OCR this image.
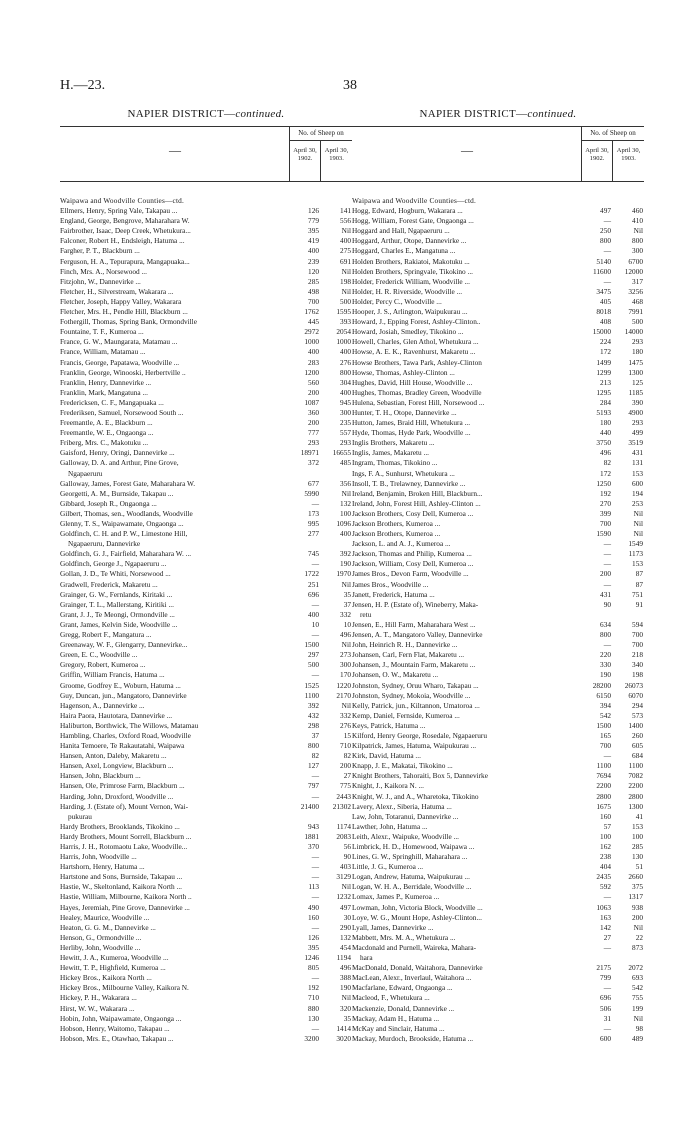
H.—23.	38
NAPIER DISTRICT—continued.
—
No. of Sheep on
April 30,
1902.
April 30,
1903.
Waipawa and Woodville Counties—ctd.
Ellmers, Henry, Spring Vale, Takapau ...	126	141
England, George, Bengrove, Maharahara W.	779	556
Fairbrother, Isaac, Deep Creek, Whetukura...	395	Nil
Falconer, Robert H., Endsleigh, Hatuma ...	419	400
Fargher, P. T., Blackburn ...	400	275
Ferguson, H. A., Tepurapura, Mangapuaka...	239	691
Finch, Mrs. A., Norsewood ...	120	Nil
Fitzjohn, W., Dannevirke ...	285	198
Fletcher, H., Silverstream, Wakarara ...	498	Nil
Fletcher, Joseph, Happy Valley, Wakarara	700	500
Fletcher, Mrs. H., Pendle Hill, Blackburn ...	1762	1595
Fothergill, Thomas, Spring Bank, Ormondville	445	393
Fountaine, T. F., Kumeroa ...	2972	2054
France, G. W., Maungarata, Matamau ...	1000	1000
France, William, Matamau ...	400	400
Francis, George, Papatawa, Woodville ...	283	276
Franklin, George, Winooski, Herbertville ..	1200	800
Franklin, Henry, Dannevirke ...	560	304
Franklin, Mark, Mangatuna ...	200	400
Fredericksen, C. F., Mangapuaka ...	1087	945
Frederiksen, Samuel, Norsewood South ...	360	300
Freemantle, A. E., Blackburn ...	200	235
Freemantle, W. E., Ongaonga ...	777	557
Friberg, Mrs. C., Makotuku ...	293	293
Gaisford, Henry, Oringi, Dannevirke ...	18971	16655
Galloway, D. A. and Arthur, Pine Grove,	372	485
Ngapaeruru
Galloway, James, Forest Gate, Maharahara W.	677	356
Georgetti, A. M., Burnside, Takapau ...	5990	Nil
Gibbard, Joseph R., Ongaonga ...	—	132
Gilbert, Thomas, sen., Woodlands, Woodville	173	100
Glenny, T. S., Waipawamate, Ongaonga ...	995	1096
Goldfinch, C. H. and P. W., Limestone Hill,	277	400
Ngapaeruru, Dannevirke
Goldfinch, G. J., Fairfield, Maharahara W. ...	745	392
Goldfinch, George J., Ngapaeruru ...	—	190
Gollan, J. D., Te Whiti, Norsewood ...	1722	1970
Gradwell, Frederick, Makaretu ...	251	Nil
Grainger, G. W., Fernlands, Kiritaki ...	696	35
Grainger, T. L., Mallerstang, Kiritiki ...	—	37
Grant, J. J., Te Meongi, Ormondville ...	400	332
Grant, James, Kelvin Side, Woodville ...	10	10
Gregg, Robert F., Mangatura ...	—	496
Greenaway, W. F., Glengarry, Dannevirke...	1500	Nil
Green, E. C., Woodville ...	297	273
Gregory, Robert, Kumeroa ...	500	300
Griffin, William Francis, Hatuma ...	—	170
Groome, Godfrey E., Woburn, Hatuma ...	1525	1220
Guy, Duncan, jun., Mangatoro, Dannevirke	1100	2170
Hagenson, A., Dannevirke ...	392	Nil
Haira Paora, Hautotara, Dannevirke ...	432	332
Haliburton, Borthwick, The Willows, Matamau	298	276
Hambling, Charles, Oxford Road, Woodville	37	15
Hanita Temoere, Te Rakautatahi, Waipawa	800	710
Hansen, Anton, Daleby, Makaretu ...	82	82
Hansen, Axel, Longview, Blackburn ...	127	200
Hansen, John, Blackburn ...	—	27
Hansen, Ole, Primrose Farm, Blackburn ...	797	775
Harding, John, Droxford, Woodville ...	—	2443
Harding, J. (Estate of), Mount Vernon, Wai-	21400	21302
pukurau
Hardy Brothers, Brooklands, Tikokino ...	943	1174
Hardy Brothers, Mount Sorrell, Blackburn ...	1881	2083
Harris, J. H., Rotomaotu Lake, Woodville...	370	56
Harris, John, Woodville ...	—	90
Hartshorn, Henry, Hatuma ...	—	403
Hartstone and Sons, Burnside, Takapau ...	—	3129
Hastie, W., Skeltonland, Kaikora North ...	113	Nil
Hastie, William, Milbourne, Kaikora North ..	—	1232
Hayes, Jeremiah, Pine Grove, Dannevirke ...	490	497
Healey, Maurice, Woodville ...	160	30
Heaton, G. G. M., Dannevirke ...	—	290
Henson, G., Ormondville ...	126	132
Herliby, John, Woodville ...	395	454
Hewitt, J. A., Kumeroa, Woodville ...	1246	1194
Hewitt, T. P., Highfield, Kumeroa ...	805	496
Hickey Bros., Kaikora North ...	—	388
Hickey Bros., Milbourne Valley, Kaikora N.	192	190
Hickey, P. H., Wakarara ...	710	Nil
Hirst, W. W., Wakarara ...	880	320
Hobin, John, Waipawamate, Ongaonga ...	130	35
Hobson, Henry, Waitomo, Takapau ...	—	1414
Hobson, Mrs. E., Otawhao, Takapau ...	3200	3020
NAPIER DISTRICT—continued.
—
No. of Sheep on
April 30,
1902.
April 30,
1903.
Waipawa and Woodville Counties—ctd.
Hogg, Edward, Hogburn, Wakarara ...	497	460
Hogg, William, Forest Gate, Ongaonga ...	—	410
Hoggard and Hall, Ngapaeruru ...	250	Nil
Hoggard, Arthur, Otope, Dannevirke ...	800	800
Hoggard, Charles E., Mangatuna ...	—	300
Holden Brothers, Rakiatoi, Makotuku ...	5140	6700
Holden Brothers, Springvale, Tikokino ...	11600	12000
Holder, Frederick William, Woodville ...	—	317
Holder, H. R. Riverside, Woodville ...	3475	3256
Holder, Percy C., Woodville ...	405	468
Hooper, J. S., Arlington, Waipukurau ...	8018	7991
Howard, J., Epping Forest, Ashley-Clinton..	408	500
Howard, Josiah, Smedley, Tikokino ...	15000	14000
Howell, Charles, Glen Athol, Whetukura ...	224	293
Howse, A. E. K., Ravenhurst, Makaretu ...	172	180
Howse Brothers, Tawa Park, Ashley-Clinton	1499	1475
Howse, Thomas, Ashley-Clinton ...	1299	1300
Hughes, David, Hill House, Woodville ...	213	125
Hughes, Thomas, Bradley Green, Woodville	1295	1185
Hulena, Sebastian, Forest Hill, Norsewood ...	284	390
Hunter, T. H., Otope, Dannevirke ...	5193	4900
Hutton, James, Braid Hill, Whetukura ...	180	293
Hyde, Thomas, Hyde Park, Woodville ...	440	499
Inglis Brothers, Makaretu ...	3750	3519
Inglis, James, Makaretu ...	496	431
Ingram, Thomas, Tikokino ...	82	131
Ings, F. A., Sunhurst, Whetukura ...	172	153
Insoll, T. B., Trelawney, Dannevirke ...	1250	600
Ireland, Benjamin, Broken Hill, Blackburn...	192	194
Ireland, John, Forest Hill, Ashley-Clinton ...	270	253
Jackson Brothers, Cosy Dell, Kumeroa ...	399	Nil
Jackson Brothers, Kumeroa ...	700	Nil
Jackson Brothers, Kumeroa ...	1590	Nil
Jackson, L. and A. J., Kumeroa ...	—	1549
Jackson, Thomas and Philip, Kumeroa ...	—	1173
Jackson, William, Cosy Dell, Kumeroa ...	—	153
James Bros., Devon Farm, Woodville ...	200	87
James Bros., Woodville ...	—	87
Janett, Frederick, Hatuma ...	431	751
Jensen, H. P. (Estate of), Wineberry, Maka-	90	91
retu
Jensen, E., Hill Farm, Maharahara West ...	634	594
Jensen, A. T., Mangatoro Valley, Dannevirke	800	700
John, Heinrich R. H., Dannevirke ...	—	700
Johansen, Carl, Fern Flat, Makaretu ...	220	218
Johansen, J., Mountain Farm, Makaretu ...	330	340
Johansen, O. W., Makaretu ...	190	198
Johnston, Sydney, Oruu Wharo, Takapau ...	28200	26073
Johnston, Sydney, Mokoia, Woodville ...	6150	6070
Kelly, Patrick, jun., Kiltannon, Umatoroa ...	394	294
Kemp, Daniel, Fernside, Kumeroa ...	542	573
Keys, Patrick, Hatuma ...	1500	1400
Kilford, Henry George, Rosedale, Ngapaeruru	165	260
Kilpatrick, James, Hatuma, Waipukurau ...	700	605
Kirk, David, Hatuma ...	—	684
Knapp, J. E., Makatai, Tikokino ...	1100	1100
Knight Brothers, Tahoraiti, Box 5, Dannevirke	7694	7082
Knight, J., Kaikora N. ...	2200	2200
Knight, W. J., and A., Wharetoka, Tikokino	2800	2800
Lavery, Alexr., Siberia, Hatuma ...	1675	1300
Law, John, Totaranui, Dannevirke ...	160	41
Lawther, John, Hatuma ...	57	153
Leith, Alexr., Waipuke, Woodville ...	100	100
Limbrick, H. D., Homewood, Waipawa ...	162	285
Lines, G. W., Springhill, Maharahara ...	238	130
Little, J. G., Kumeroa ...	404	51
Logan, Andrew, Hatuma, Waipukurau ...	2435	2660
Logan, W. H. A., Berridale, Woodville ...	592	375
Lomax, James P., Kumeroa ...	—	1317
Lowman, John, Victoria Block, Woodville ...	1063	938
Loye, W. G., Mount Hope, Ashley-Clinton...	163	200
Lyall, James, Dannevirke ...	142	Nil
Mabbett, Mrs. M. A., Whetukura ...	27	22
Macdonald and Purnell, Waireka, Mahara-	—	873
hara
MacDonald, Donald, Waitahora, Dannevirke	2175	2072
MacLean, Alexr., Inverlaul, Waitahora ...	799	693
Macfarlane, Edward, Ongaonga ...	—	542
Macleod, F., Whetukura ...	696	755
Mackenzie, Donald, Dannevirke ...	506	199
Mackay, Adam H., Hatuma ...	31	Nil
McKay and Sinclair, Hatuma ...	—	98
Mackay, Murdoch, Brookside, Hatuma ...	600	489
